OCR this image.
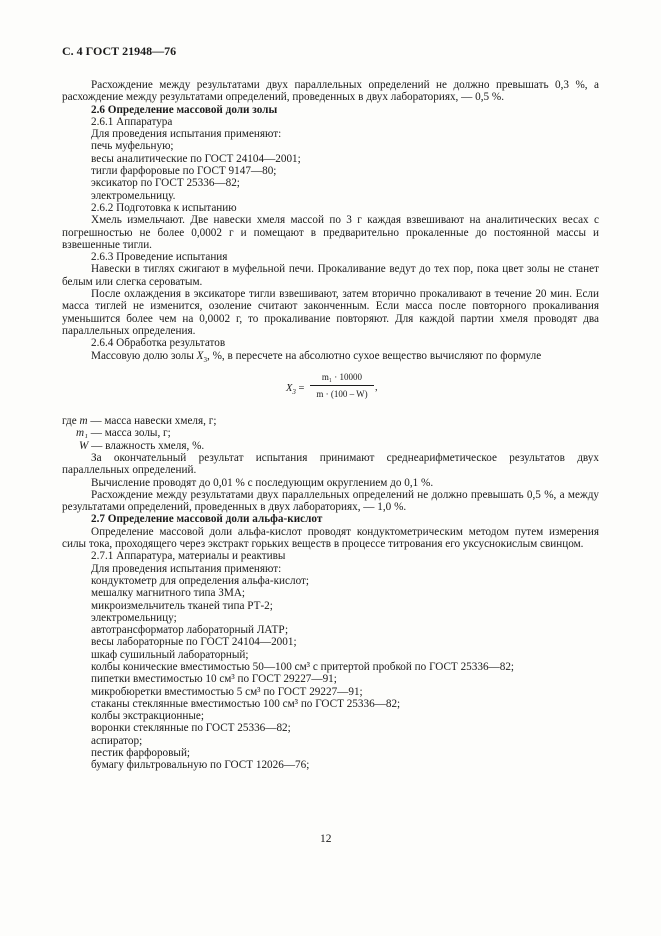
С. 4 ГОСТ 21948—76

Расхождение между результатами двух параллельных определений не должно превышать 0,3 %, а расхождение между результатами определений, проведенных в двух лабораториях, — 0,5 %.

2.6 Определение массовой доли золы

2.6.1 Аппаратура

Для проведения испытания применяют:

печь муфельную;

весы аналитические по ГОСТ 24104—2001;

тигли фарфоровые по ГОСТ 9147—80;

эксикатор по ГОСТ 25336—82;

электромельницу.

2.6.2 Подготовка к испытанию

Хмель измельчают. Две навески хмеля массой по 3 г каждая взвешивают на аналитических весах с погрешностью не более 0,0002 г и помещают в предварительно прокаленные до постоянной массы и взвешенные тигли.

2.6.3 Проведение испытания

Навески в тиглях сжигают в муфельной печи. Прокаливание ведут до тех пор, пока цвет золы не станет белым или слегка сероватым.

После охлаждения в эксикаторе тигли взвешивают, затем вторично прокаливают в течение 20 мин. Если масса тиглей не изменится, озоление считают законченным. Если масса после повторного прокаливания уменьшится более чем на 0,0002 г, то прокаливание повторяют. Для каждой партии хмеля проводят два параллельных определения.

2.6.4 Обработка результатов

Массовую долю золы $X_3$, %, в пересчете на абсолютно сухое вещество вычисляют по формуле

$X_3 = \frac{\text{m₁ · 10000}}{m \cdot (100 - W)}$ ,

где m — масса навески хмеля, г;

m₁ — масса золы, г;

W — влажность хмеля, %.

За окончательный результат испытания принимают среднеарифметическое результатов двух параллельных определений.

Вычисление проводят до 0,01 % с последующим округлением до 0,1 %.

Расхождение между результатами двух параллельных определений не должно превышать 0,5 %, а между результатами определений, проведенных в двух лабораториях, — 1,0 %.

2.7 Определение массовой доли альфа-кислот

Определение массовой доли альфа-кислот проводят кондуктометрическим методом путем измерения силы тока, проходящего через экстракт горьких веществ в процессе титрования его уксуснокислым свинцом.

2.7.1 Аппаратура, материалы и реактивы

Для проведения испытания применяют:

кондуктометр для определения альфа-кислот;

мешалку магнитного типа ЗМА;

микроизмельчитель тканей типа РТ-2;

электромельницу;

автотрансформатор лабораторный ЛАТР;

весы лабораторные по ГОСТ 24104—2001;

шкаф сушильный лабораторный;

колбы конические вместимостью 50—100 см³ с притертой пробкой по ГОСТ 25336—82;

пипетки вместимостью 10 см³ по ГОСТ 29227—91;

микробюретки вместимостью 5 см³ по ГОСТ 29227—91;

стаканы стеклянные вместимостью 100 см³ по ГОСТ 25336—82;

колбы экстракционные;

воронки стеклянные по ГОСТ 25336—82;

аспиратор;

пестик фарфоровый;

бумагу фильтровальную по ГОСТ 12026—76;

12
